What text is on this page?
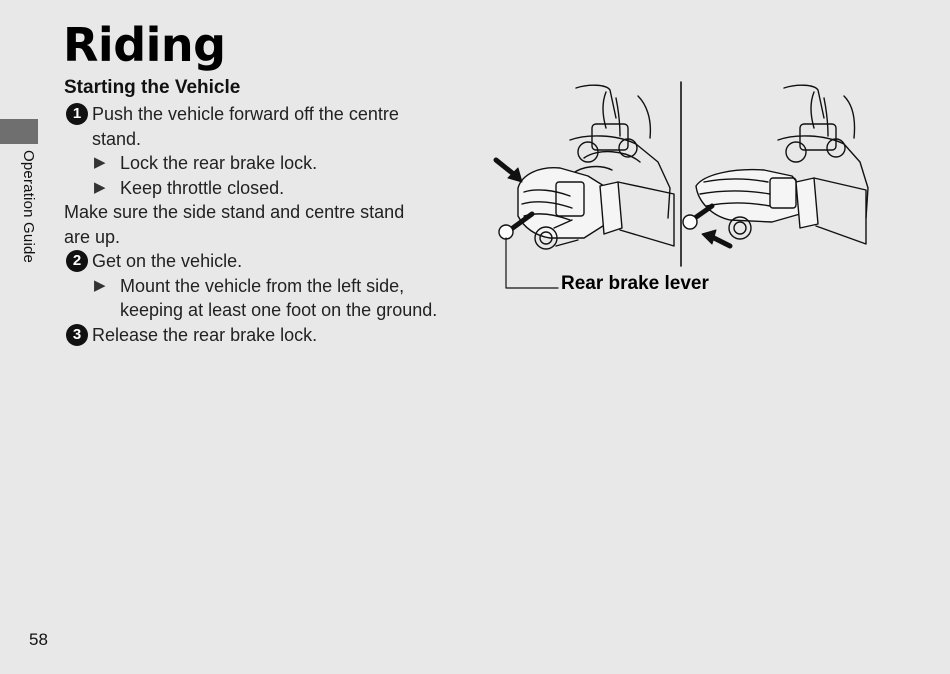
Operation Guide
Riding
Starting the Vehicle
1 Push the vehicle forward off the centre
stand.
▶ Lock the rear brake lock.
▶ Keep throttle closed.
Make sure the side stand and centre stand
are up.
2 Get on the vehicle.
▶ Mount the vehicle from the left side,
keeping at least one foot on the ground.
3 Release the rear brake lock.
Rear brake lever
58
